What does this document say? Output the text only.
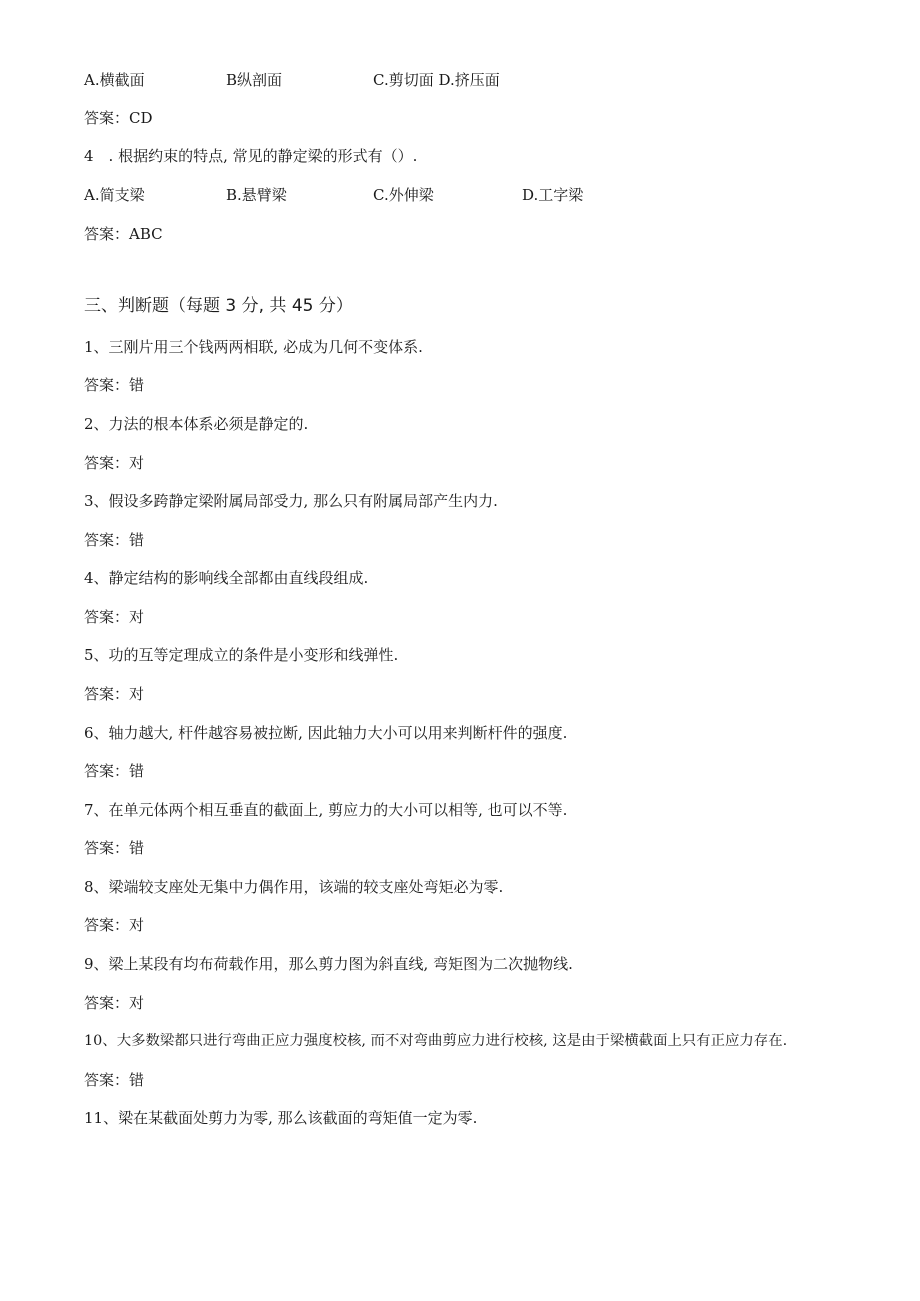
A.横截面	B纵剖面	C.剪切面 D.挤压面
答案：CD
4　. 根据约束的特点, 常见的静定梁的形式有（）.
A.简支梁	B.悬臂梁	C.外伸梁	D.工字梁
答案：ABC
三、判断题（每题 3 分, 共 45 分）
1、三刚片用三个钱两两相联, 必成为几何不变体系.
答案：错
2、力法的根本体系必须是静定的.
答案：对
3、假设多跨静定梁附属局部受力, 那么只有附属局部产生内力.
答案：错
4、静定结构的影响线全部都由直线段组成.
答案：对
5、功的互等定理成立的条件是小变形和线弹性.
答案：对
6、轴力越大, 杆件越容易被拉断, 因此轴力大小可以用来判断杆件的强度.
答案：错
7、在单元体两个相互垂直的截面上, 剪应力的大小可以相等, 也可以不等.
答案：错
8、梁端较支座处无集中力偶作用，该端的较支座处弯矩必为零.
答案：对
9、梁上某段有均布荷载作用，那么剪力图为斜直线, 弯矩图为二次抛物线.
答案：对
10、大多数梁都只进行弯曲正应力强度校核, 而不对弯曲剪应力进行校核, 这是由于梁横截面上只有正应力存在.
答案：错
11、梁在某截面处剪力为零, 那么该截面的弯矩值一定为零.
